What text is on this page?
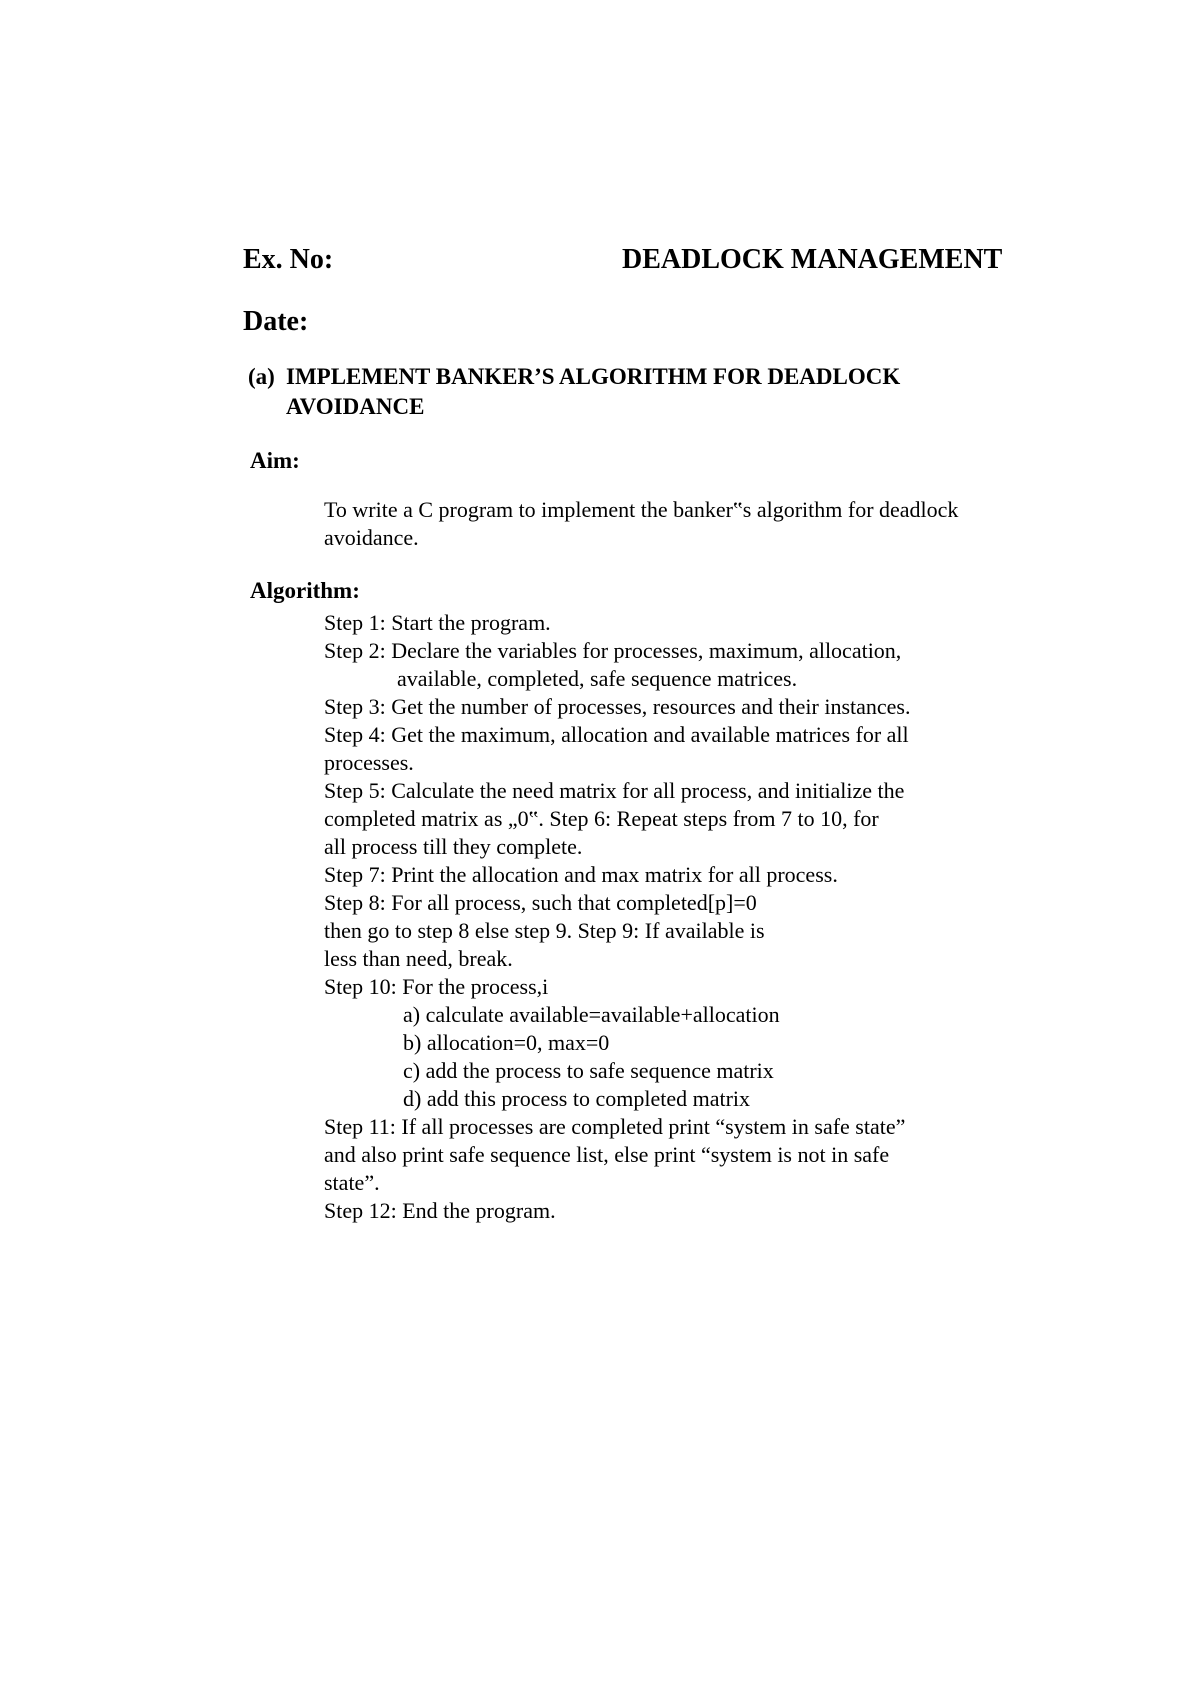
Ex. No:	DEADLOCK MANAGEMENT
Date:
(a) IMPLEMENT BANKER’S ALGORITHM FOR DEADLOCK
AVOIDANCE
Aim:
To write a C program to implement the banker‟s algorithm for deadlock
avoidance.
Algorithm:
Step 1: Start the program.
Step 2: Declare the variables for processes, maximum, allocation,
available, completed, safe sequence matrices.
Step 3: Get the number of processes, resources and their instances.
Step 4: Get the maximum, allocation and available matrices for all
processes.
Step 5: Calculate the need matrix for all process, and initialize the
completed matrix as „0‟. Step 6: Repeat steps from 7 to 10, for
all process till they complete.
Step 7: Print the allocation and max matrix for all process.
Step 8: For all process, such that completed[p]=0
then go to step 8 else step 9. Step 9: If available is
less than need, break.
Step 10: For the process,i
a) calculate available=available+allocation
b) allocation=0, max=0
c) add the process to safe sequence matrix
d) add this process to completed matrix
Step 11: If all processes are completed print “system in safe state”
and also print safe sequence list, else print “system is not in safe
state”.
Step 12: End the program.
